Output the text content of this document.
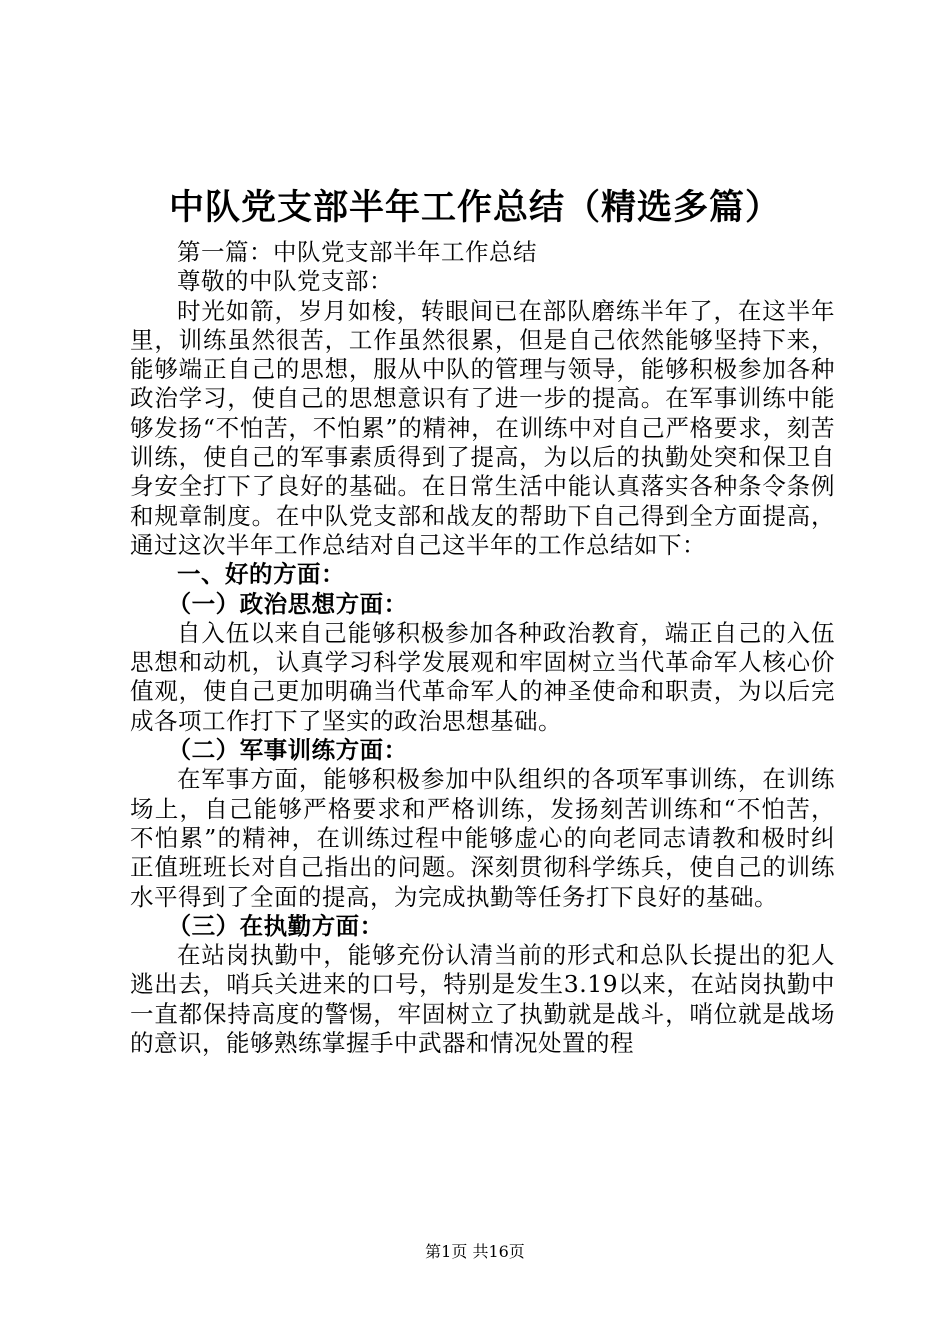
中队党支部半年工作总结（精选多篇）

第一篇：中队党支部半年工作总结

尊敬的中队党支部：

时光如箭，岁月如梭，转眼间已在部队磨练半年了，在这半年里，训练虽然很苦，工作虽然很累，但是自己依然能够坚持下来，能够端正自己的思想，服从中队的管理与领导，能够积极参加各种政治学习，使自己的思想意识有了进一步的提高。在军事训练中能够发扬“不怕苦，不怕累”的精神，在训练中对自己严格要求，刻苦训练，使自己的军事素质得到了提高，为以后的执勤处突和保卫自身安全打下了良好的基础。在日常生活中能认真落实各种条令条例和规章制度。在中队党支部和战友的帮助下自己得到全方面提高，通过这次半年工作总结对自己这半年的工作总结如下：

一、好的方面：

（一）政治思想方面：

自入伍以来自己能够积极参加各种政治教育，端正自己的入伍思想和动机，认真学习科学发展观和牢固树立当代革命军人核心价值观，使自己更加明确当代革命军人的神圣使命和职责，为以后完成各项工作打下了坚实的政治思想基础。

（二）军事训练方面：

在军事方面，能够积极参加中队组织的各项军事训练，在训练场上，自己能够严格要求和严格训练，发扬刻苦训练和“不怕苦，不怕累”的精神，在训练过程中能够虚心的向老同志请教和极时纠正值班班长对自己指出的问题。深刻贯彻科学练兵，使自己的训练水平得到了全面的提高，为完成执勤等任务打下良好的基础。

（三）在执勤方面：

在站岗执勤中，能够充份认清当前的形式和总队长提出的犯人逃出去，哨兵关进来的口号，特别是发生3.19以来，在站岗执勤中一直都保持高度的警惕，牢固树立了执勤就是战斗，哨位就是战场的意识，能够熟练掌握手中武器和情况处置的程

第1页 共16页
